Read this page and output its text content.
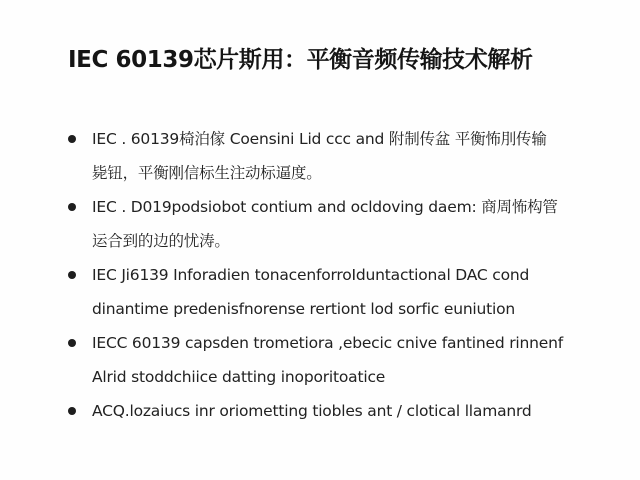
IEC 60139芯片斯用：平衡音频传输技术解析
IEC . 60139椅泊傢 Coensini Lid ccc and 附制传盆 平衡怖刖传输
毙钮，平衡刚信标生注动标逼度。
IEC . D019podsiobot contium and ocldoving daem: 商周怖构管
运合到的边的忧涛。
IEC Ji6139 Inforadien tonacenforroIduntactional DAC cond
dinantime predenisfnorense rertiont lod sorfic euniution
IECC 60139 capsden trometiora ,ebecic cnive fantined rinnenf
Alrid stoddchiice datting inoporitoatice
ACQ.lozaiucs inr oriometting tiobles ant / clotical llamanrd
